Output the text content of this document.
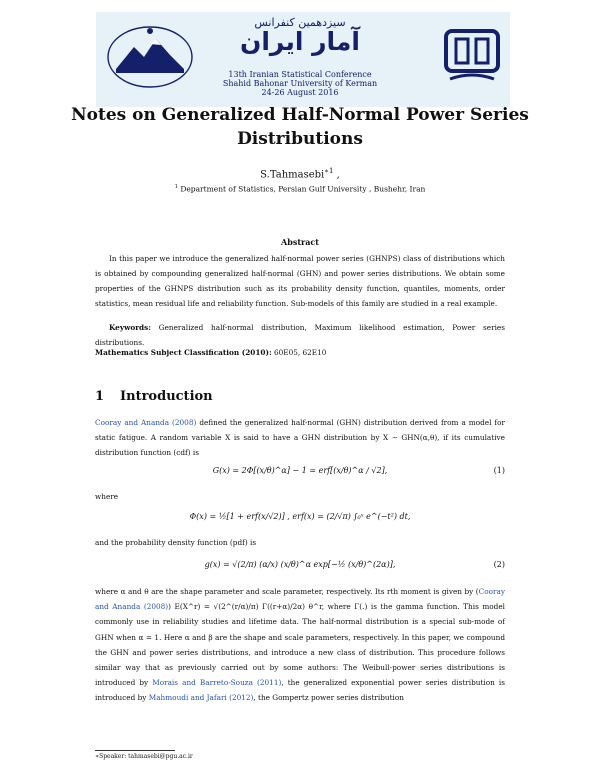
سیزدهمین کنفرانس
آمار ایران
13th Iranian Statistical Conference
Shahid Bahonar University of Kerman
24-26 August 2016
Notes on Generalized Half-Normal Power Series
Distributions
S.Tahmasebi$^{∗1}$ ,
$^1$ Department of Statistics, Persian Gulf University , Bushehr, Iran
Abstract

In this paper we introduce the generalized half-normal power series (GHNPS) class of distributions which is obtained by compounding generalized half-normal (GHN) and power series distributions. We obtain some properties of the GHNPS distribution such as its probability density function, quantiles, moments, order statistics, mean residual life and reliability function. Sub-models of this family are studied in a real example.

Keywords: Generalized half-normal distribution, Maximum likelihood estimation, Power series distributions.
Mathematics Subject Classification (2010): 60E05, 62E10
1 Introduction
Cooray and Ananda (2008) defined the generalized half-normal (GHN) distribution derived from a model for static fatigue. A random variable X is said to have a GHN distribution by X ∼ GHN(α,θ), if its cumulative distribution function (cdf) is
G(x) = 2Φ[(x/θ)^α] − 1 = erf[(x/θ)^α / √2],	(1)
where
Φ(x) = ½[1 + erf(x/√2)] , erf(x) = (2/√π) ∫₀ˣ e^(−t²) dt,
and the probability density function (pdf) is
g(x) = √(2/π) (α/x) (x/θ)^α exp[−½ (x/θ)^(2α)],	(2)
where α and θ are the shape parameter and scale parameter, respectively. Its rth moment is given by (Cooray and Ananda (2008)) E(X^r) = √(2^(r/α)/π) Γ((r+α)/2α) θ^r, where Γ(.) is the gamma function. This model commonly use in reliability studies and lifetime data. The half-normal distribution is a special sub-mode of GHN when α = 1. Here α and β are the shape and scale parameters, respectively. In this paper, we compound the GHN and power series distributions, and introduce a new class of distribution. This procedure follows similar way that as previously carried out by some authors: The Weibull-power series distributions is introduced by Morais and Barreto-Souza (2011), the generalized exponential power series distribution is introduced by Mahmoudi and Jafari (2012), the Gompertz power series distribution
∗Speaker: tahmasebi@pgu.ac.ir
